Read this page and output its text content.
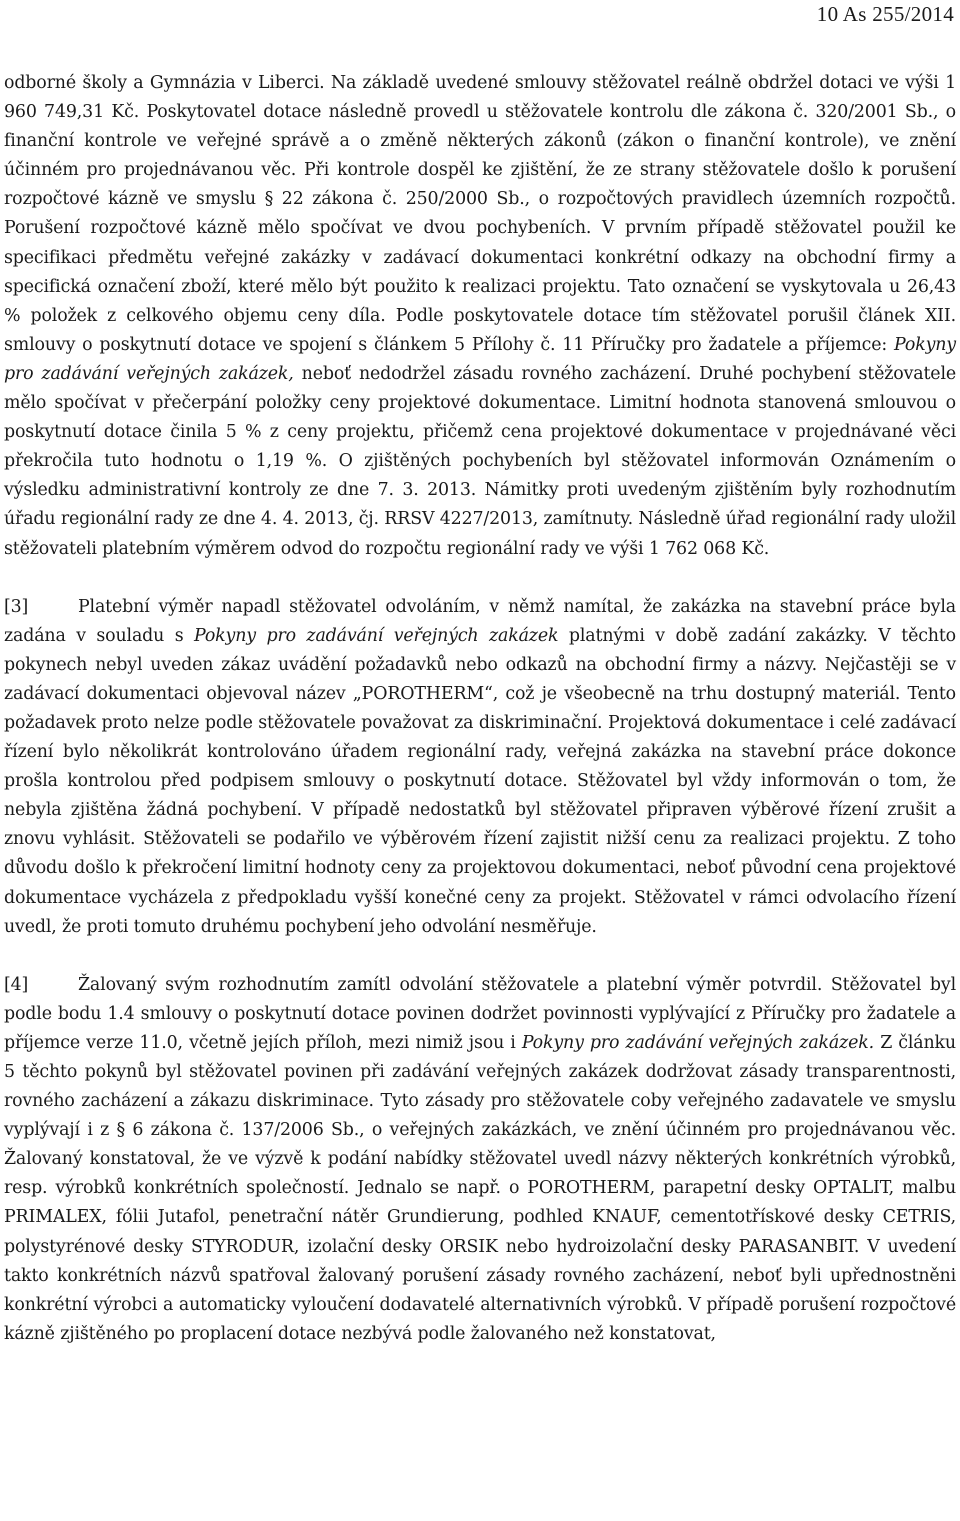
10 As 255/2014

odborné školy a Gymnázia v Liberci. Na základě uvedené smlouvy stěžovatel reálně obdržel dotaci ve výši 1 960 749,31 Kč. Poskytovatel dotace následně provedl u stěžovatele kontrolu dle zákona č. 320/2001 Sb., o finanční kontrole ve veřejné správě a o změně některých zákonů (zákon o finanční kontrole), ve znění účinném pro projednávanou věc. Při kontrole dospěl ke zjištění, že ze strany stěžovatele došlo k porušení rozpočtové kázně ve smyslu § 22 zákona č. 250/2000 Sb., o rozpočtových pravidlech územních rozpočtů. Porušení rozpočtové kázně mělo spočívat ve dvou pochybeních. V prvním případě stěžovatel použil ke specifikaci předmětu veřejné zakázky v zadávací dokumentaci konkrétní odkazy na obchodní firmy a specifická označení zboží, které mělo být použito k realizaci projektu. Tato označení se vyskytovala u 26,43 % položek z celkového objemu ceny díla. Podle poskytovatele dotace tím stěžovatel porušil článek XII. smlouvy o poskytnutí dotace ve spojení s článkem 5 Přílohy č. 11 Příručky pro žadatele a příjemce: Pokyny pro zadávání veřejných zakázek, neboť nedodržel zásadu rovného zacházení. Druhé pochybení stěžovatele mělo spočívat v přečerpání položky ceny projektové dokumentace. Limitní hodnota stanovená smlouvou o poskytnutí dotace činila 5 % z ceny projektu, přičemž cena projektové dokumentace v projednávané věci překročila tuto hodnotu o 1,19 %. O zjištěných pochybeních byl stěžovatel informován Oznámením o výsledku administrativní kontroly ze dne 7. 3. 2013. Námitky proti uvedeným zjištěním byly rozhodnutím úřadu regionální rady ze dne 4. 4. 2013, čj. RRSV 4227/2013, zamítnuty. Následně úřad regionální rady uložil stěžovateli platebním výměrem odvod do rozpočtu regionální rady ve výši 1 762 068 Kč.

[3]	Platební výměr napadl stěžovatel odvoláním, v němž namítal, že zakázka na stavební práce byla zadána v souladu s Pokyny pro zadávání veřejných zakázek platnými v době zadání zakázky. V těchto pokynech nebyl uveden zákaz uvádění požadavků nebo odkazů na obchodní firmy a názvy. Nejčastěji se v zadávací dokumentaci objevoval název „POROTHERM“, což je všeobecně na trhu dostupný materiál. Tento požadavek proto nelze podle stěžovatele považovat za diskriminační. Projektová dokumentace i celé zadávací řízení bylo několikrát kontrolováno úřadem regionální rady, veřejná zakázka na stavební práce dokonce prošla kontrolou před podpisem smlouvy o poskytnutí dotace. Stěžovatel byl vždy informován o tom, že nebyla zjištěna žádná pochybení. V případě nedostatků byl stěžovatel připraven výběrové řízení zrušit a znovu vyhlásit. Stěžovateli se podařilo ve výběrovém řízení zajistit nižší cenu za realizaci projektu. Z toho důvodu došlo k překročení limitní hodnoty ceny za projektovou dokumentaci, neboť původní cena projektové dokumentace vycházela z předpokladu vyšší konečné ceny za projekt. Stěžovatel v rámci odvolacího řízení uvedl, že proti tomuto druhému pochybení jeho odvolání nesměřuje.

[4]	Žalovaný svým rozhodnutím zamítl odvolání stěžovatele a platební výměr potvrdil. Stěžovatel byl podle bodu 1.4 smlouvy o poskytnutí dotace povinen dodržet povinnosti vyplývající z Příručky pro žadatele a příjemce verze 11.0, včetně jejích příloh, mezi nimiž jsou i Pokyny pro zadávání veřejných zakázek. Z článku 5 těchto pokynů byl stěžovatel povinen při zadávání veřejných zakázek dodržovat zásady transparentnosti, rovného zacházení a zákazu diskriminace. Tyto zásady pro stěžovatele coby veřejného zadavatele ve smyslu vyplývají i z § 6 zákona č. 137/2006 Sb., o veřejných zakázkách, ve znění účinném pro projednávanou věc. Žalovaný konstatoval, že ve výzvě k podání nabídky stěžovatel uvedl názvy některých konkrétních výrobků, resp. výrobků konkrétních společností. Jednalo se např. o POROTHERM, parapetní desky OPTALIT, malbu PRIMALEX, fólii Jutafol, penetrační nátěr Grundierung, podhled KNAUF, cementotřískové desky CETRIS, polystyrénové desky STYRODUR, izolační desky ORSIK nebo hydroizolační desky PARASANBIT. V uvedení takto konkrétních názvů spatřoval žalovaný porušení zásady rovného zacházení, neboť byli upřednostněni konkrétní výrobci a automaticky vyloučení dodavatelé alternativních výrobků. V případě porušení rozpočtové kázně zjištěného po proplacení dotace nezbývá podle žalovaného než konstatovat,
